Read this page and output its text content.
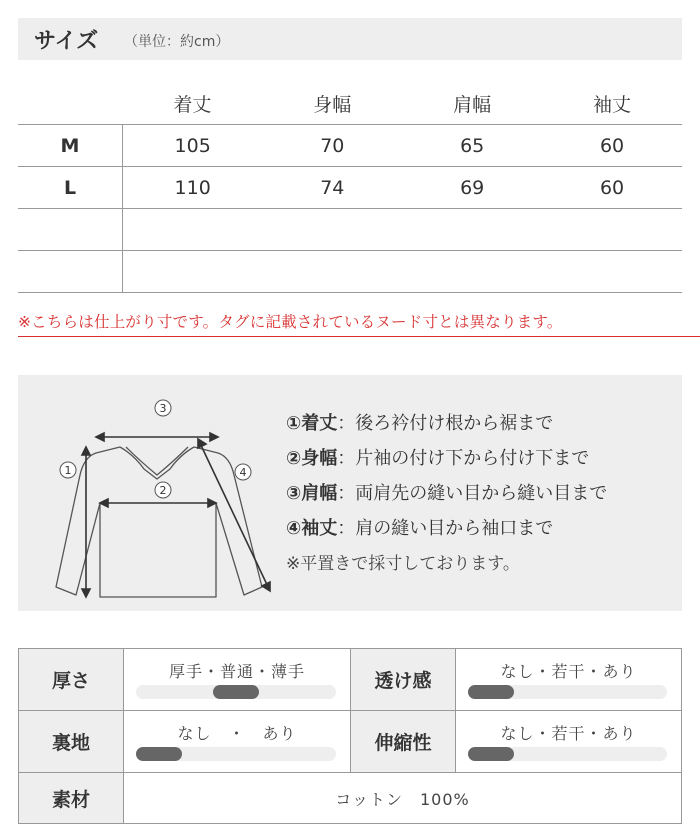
サイズ （単位：約cm）
	着丈	身幅	肩幅	袖丈
M	105	70	65	60
L	110	74	69	60

※こちらは仕上がり寸です。タグに記載されているヌード寸とは異なります。
3
2
1	4
①着丈：後ろ衿付け根から裾まで
②身幅：片袖の付け下から付け下まで
③肩幅：両肩先の縫い目から縫い目まで
④袖丈：肩の縫い目から袖口まで
※平置きで採寸しております。
厚さ	厚手・普通・薄手	透け感	なし・若干・あり

裏地	なし　・　あり	伸縮性	なし・若干・あり

素材	コットン　100%		
